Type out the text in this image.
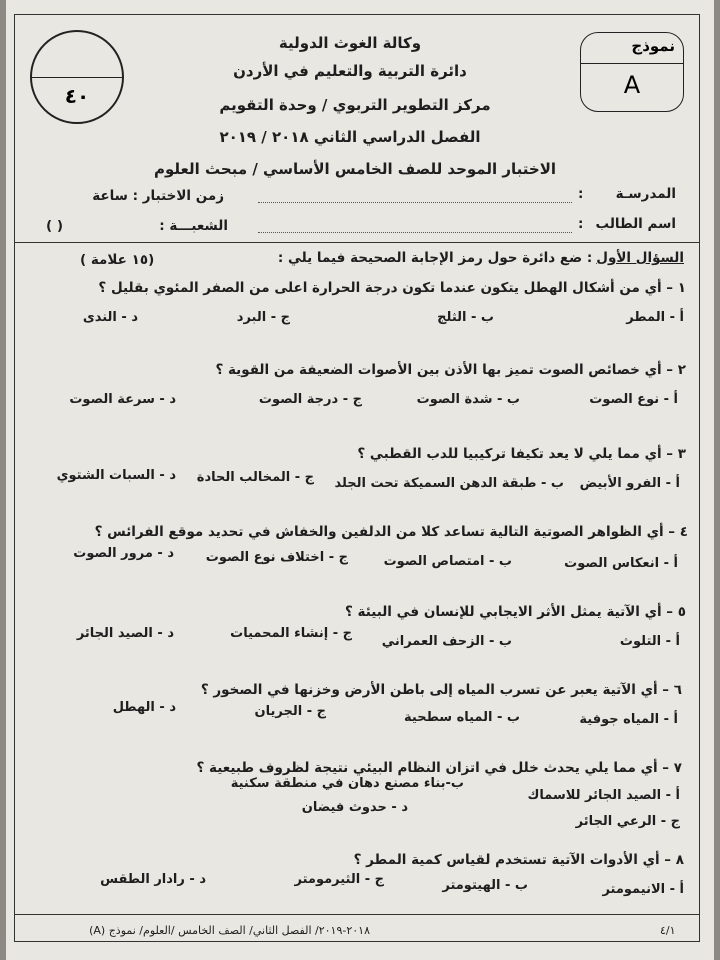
٤٠
نموذج
A
وكالة الغوث الدولية
دائرة التربية والتعليم في الأردن
مركز التطوير التربوي / وحدة التقويم
الفصل الدراسي الثاني ٢٠١٨ / ٢٠١٩
الاختبار الموحد للصف الخامس الأساسي / مبحث العلوم
المدرسـة
:
اسم الطالب
:
زمن الاختبار : ساعة
الشعبـــة :
( )
السؤال الأول
: ضع دائرة حول رمز الإجابة الصحيحة فيما يلي :
(١٥ علامة )
١ – أي من أشكال الهطل يتكون عندما تكون درجة الحرارة اعلى من الصفر المئوي بقليل ؟
أ - المطر
ب - الثلج
ج - البرد
د - الندى
٢ – أي خصائص الصوت تميز بها الأذن بين الأصوات الضعيفة من القوية ؟
أ - نوع الصوت
ب - شدة الصوت
ج - درجة الصوت
د - سرعة الصوت
٣ – أي مما يلي لا يعد تكيفا تركيبيا للدب القطبي ؟
أ - الفرو الأبيض
ب - طبقة الدهن السميكة تحت الجلد
ج - المخالب الحادة
د - السبات الشتوي
٤ – أي الظواهر الصوتية التالية تساعد كلا من الدلفين والخفاش في تحديد موقع الفرائس ؟
أ - انعكاس الصوت
ب - امتصاص الصوت
ج - اختلاف نوع الصوت
د - مرور الصوت
٥ – أي الآتية يمثل الأثر الايجابي للإنسان في البيئة ؟
أ - التلوث
ب - الزحف العمراني
ج - إنشاء المحميات
د - الصيد الجائر
٦ – أي الآتية يعبر عن تسرب المياه إلى باطن الأرض وخزنها في الصخور ؟
أ - المياه جوفية
ب - المياه سطحية
ج - الجريان
د - الهطل
٧ – أي مما يلي يحدث خلل في اتزان النظام البيئي نتيجة لظروف طبيعية ؟
أ - الصيد الجائر للاسماك
ب-بناء مصنع دهان في منطقة سكنية
ج - الرعي الجائر
د - حدوث فيضان
٨ – أي الأدوات الآتية تستخدم لقياس كمية المطر ؟
أ - الانيمومتر
ب - الهيتومتر
ج - الثيرمومتر
د - رادار الطقس
٢٠١٨-٢٠١٩/ الفصل الثاني/ الصف الخامس /العلوم/ نموذج (A)	٤/١
